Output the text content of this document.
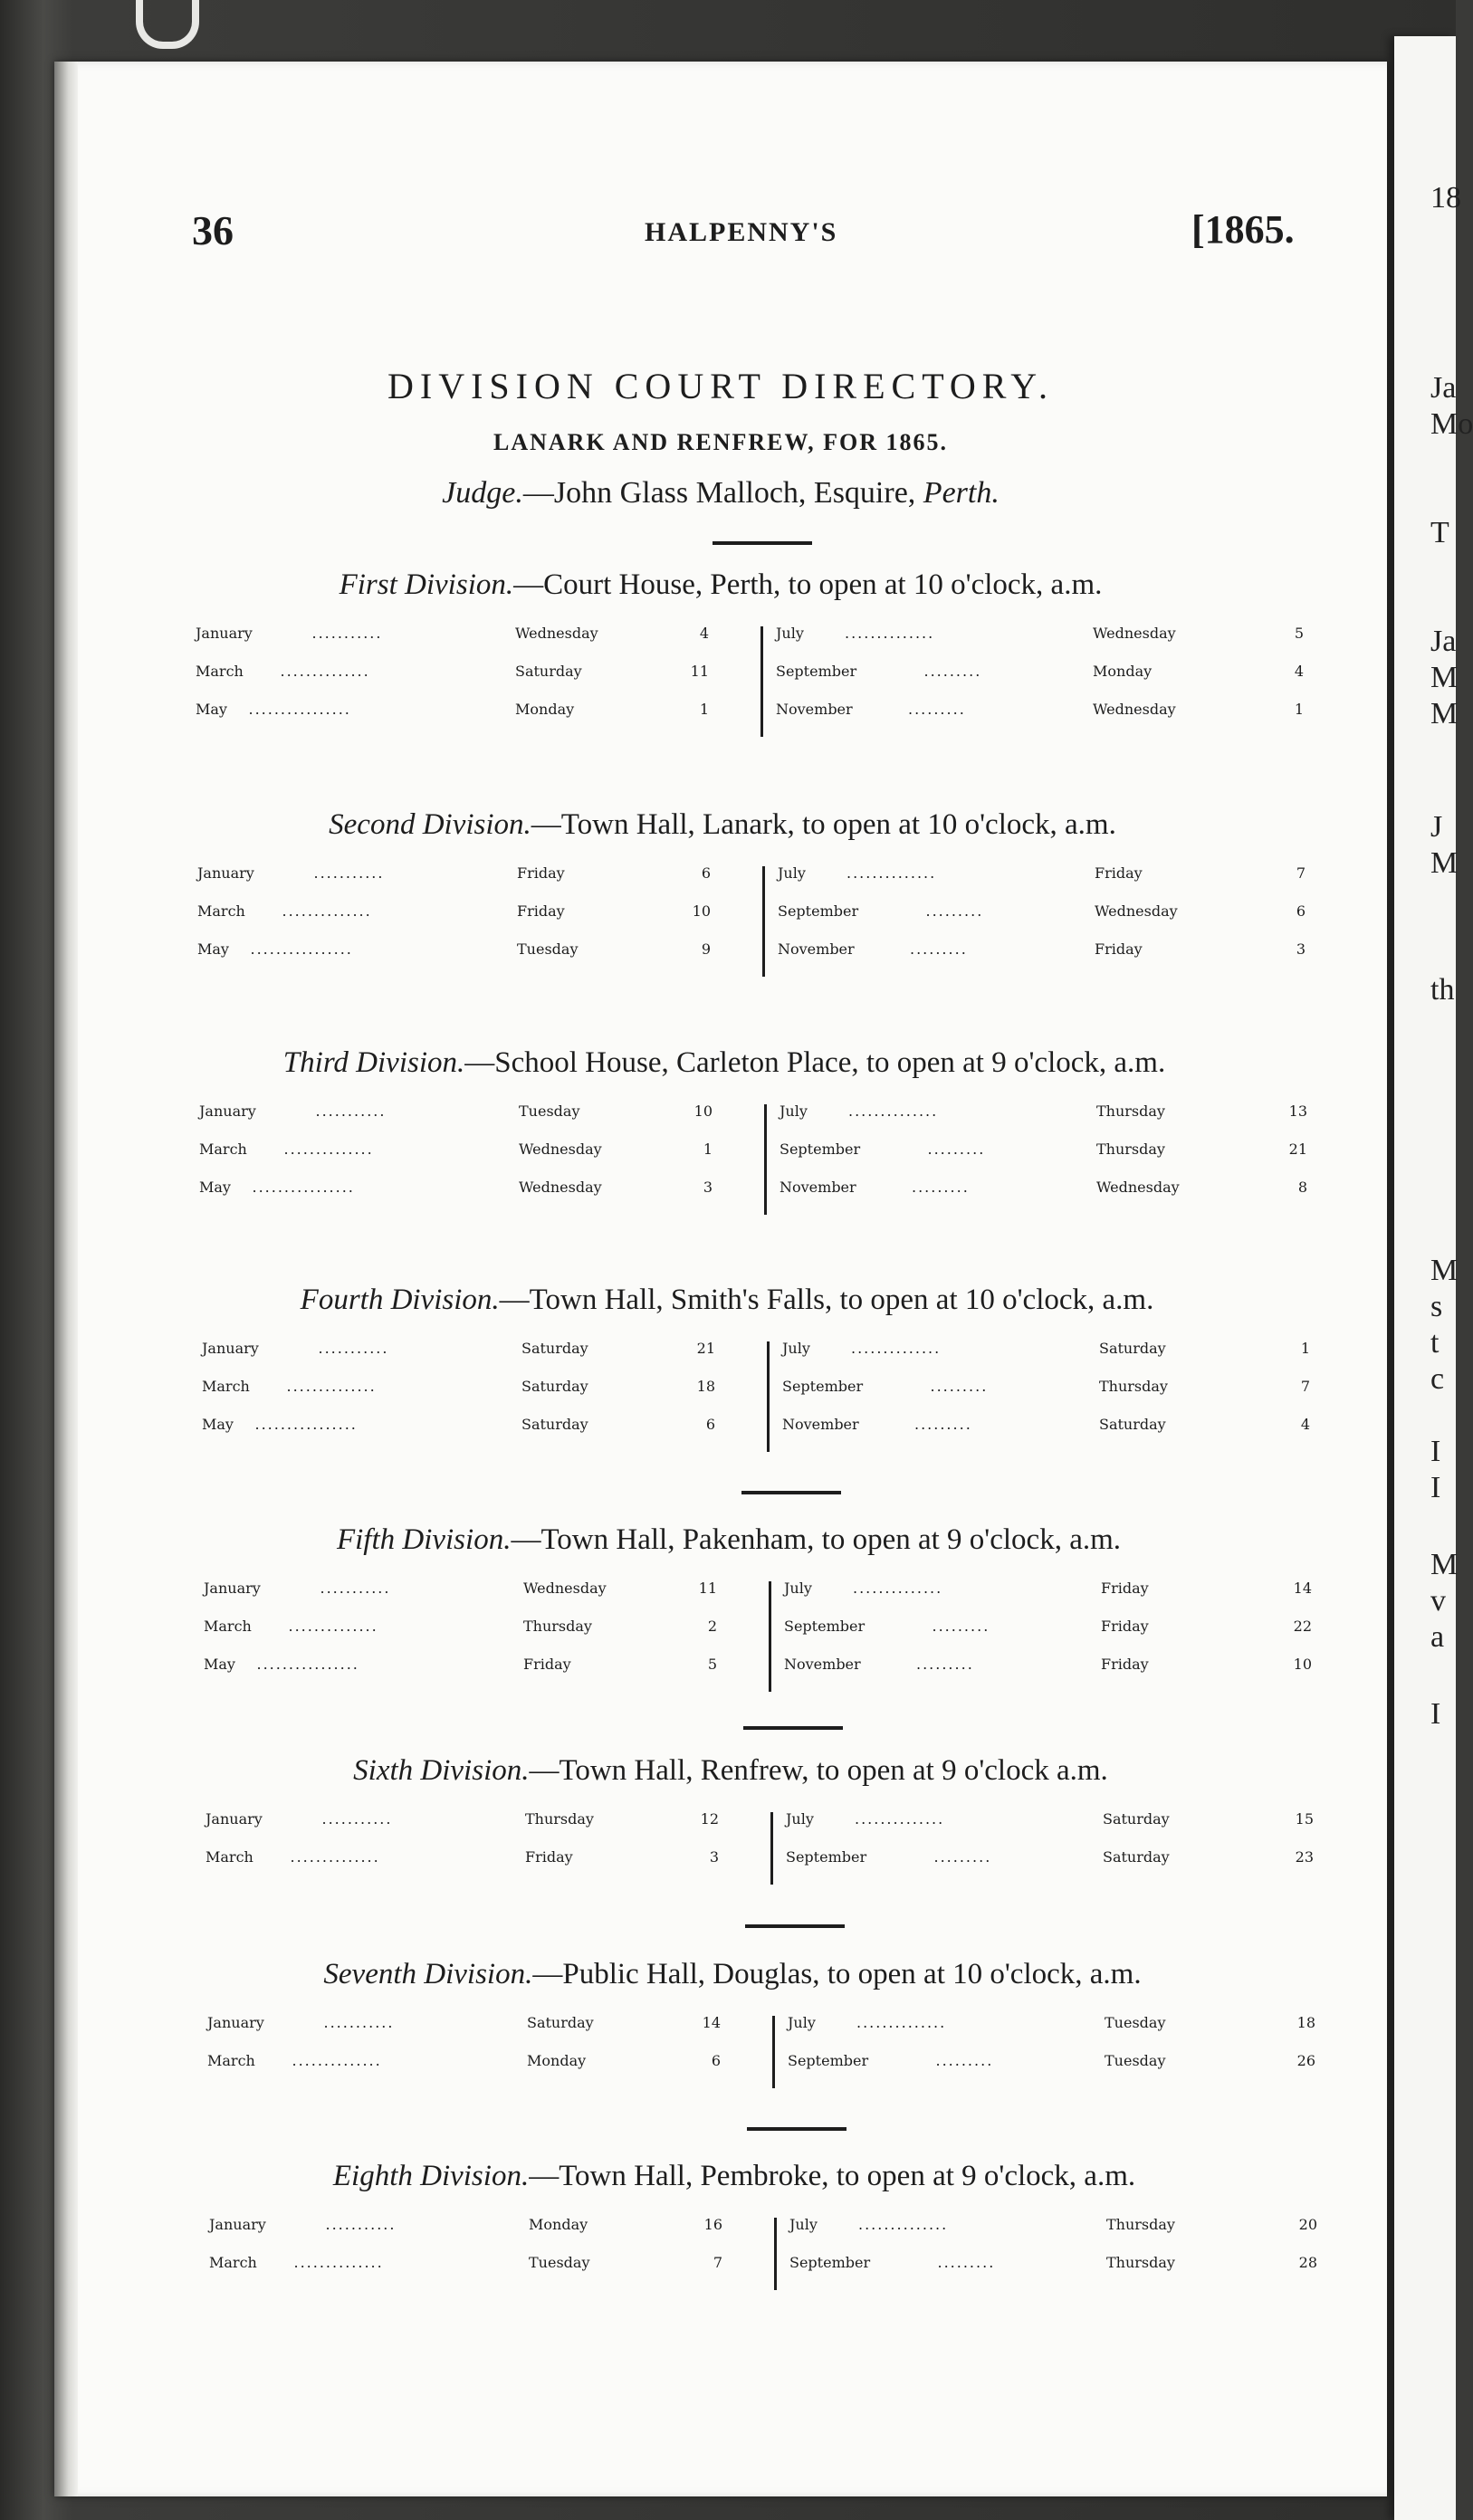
18
Ja
Mo
T
Ja
M
M
J
M
th
M
s
t
c
I
I
M
v
a
I
36	HALPENNY'S	[1865.
DIVISION COURT DIRECTORY.
LANARK AND RENFREW, FOR 1865.
Judge.—John Glass Malloch, Esquire, Perth.
First Division.—Court House, Perth, to open at 10 o'clock, a.m.
January	...........	Wednesday	4
March	..............	Saturday	11
May ................	Monday	1
July	..............	Wednesday	5
September	.........	Monday	4
November	.........	Wednesday	1
Second Division.—Town Hall, Lanark, to open at 10 o'clock, a.m.
January	...........	Friday	6
March	..............	Friday	10
May ................	Tuesday	9
July	..............	Friday	7
September	.........	Wednesday	6
November	.........	Friday	3
Third Division.—School House, Carleton Place, to open at 9 o'clock, a.m.
January	...........	Tuesday	10
March	..............	Wednesday	1
May ................	Wednesday	3
July	..............	Thursday	13
September	.........	Thursday	21
November	.........	Wednesday	8
Fourth Division.—Town Hall, Smith's Falls, to open at 10 o'clock, a.m.
January	...........	Saturday	21
March	..............	Saturday	18
May ................	Saturday	6
July	..............	Saturday	1
September	.........	Thursday	7
November	.........	Saturday	4
Fifth Division.—Town Hall, Pakenham, to open at 9 o'clock, a.m.
January	...........	Wednesday	11
March	..............	Thursday	2
May ................	Friday	5
July	..............	Friday	14
September	.........	Friday	22
November	.........	Friday	10
Sixth Division.—Town Hall, Renfrew, to open at 9 o'clock a.m.
January	...........	Thursday	12
March	..............	Friday	3
July	..............	Saturday	15
September	.........	Saturday	23
Seventh Division.—Public Hall, Douglas, to open at 10 o'clock, a.m.
January	...........	Saturday	14
March	..............	Monday	6
July	..............	Tuesday	18
September	.........	Tuesday	26
Eighth Division.—Town Hall, Pembroke, to open at 9 o'clock, a.m.
January	...........	Monday	16
March	..............	Tuesday	7
July	..............	Thursday	20
September	.........	Thursday	28
